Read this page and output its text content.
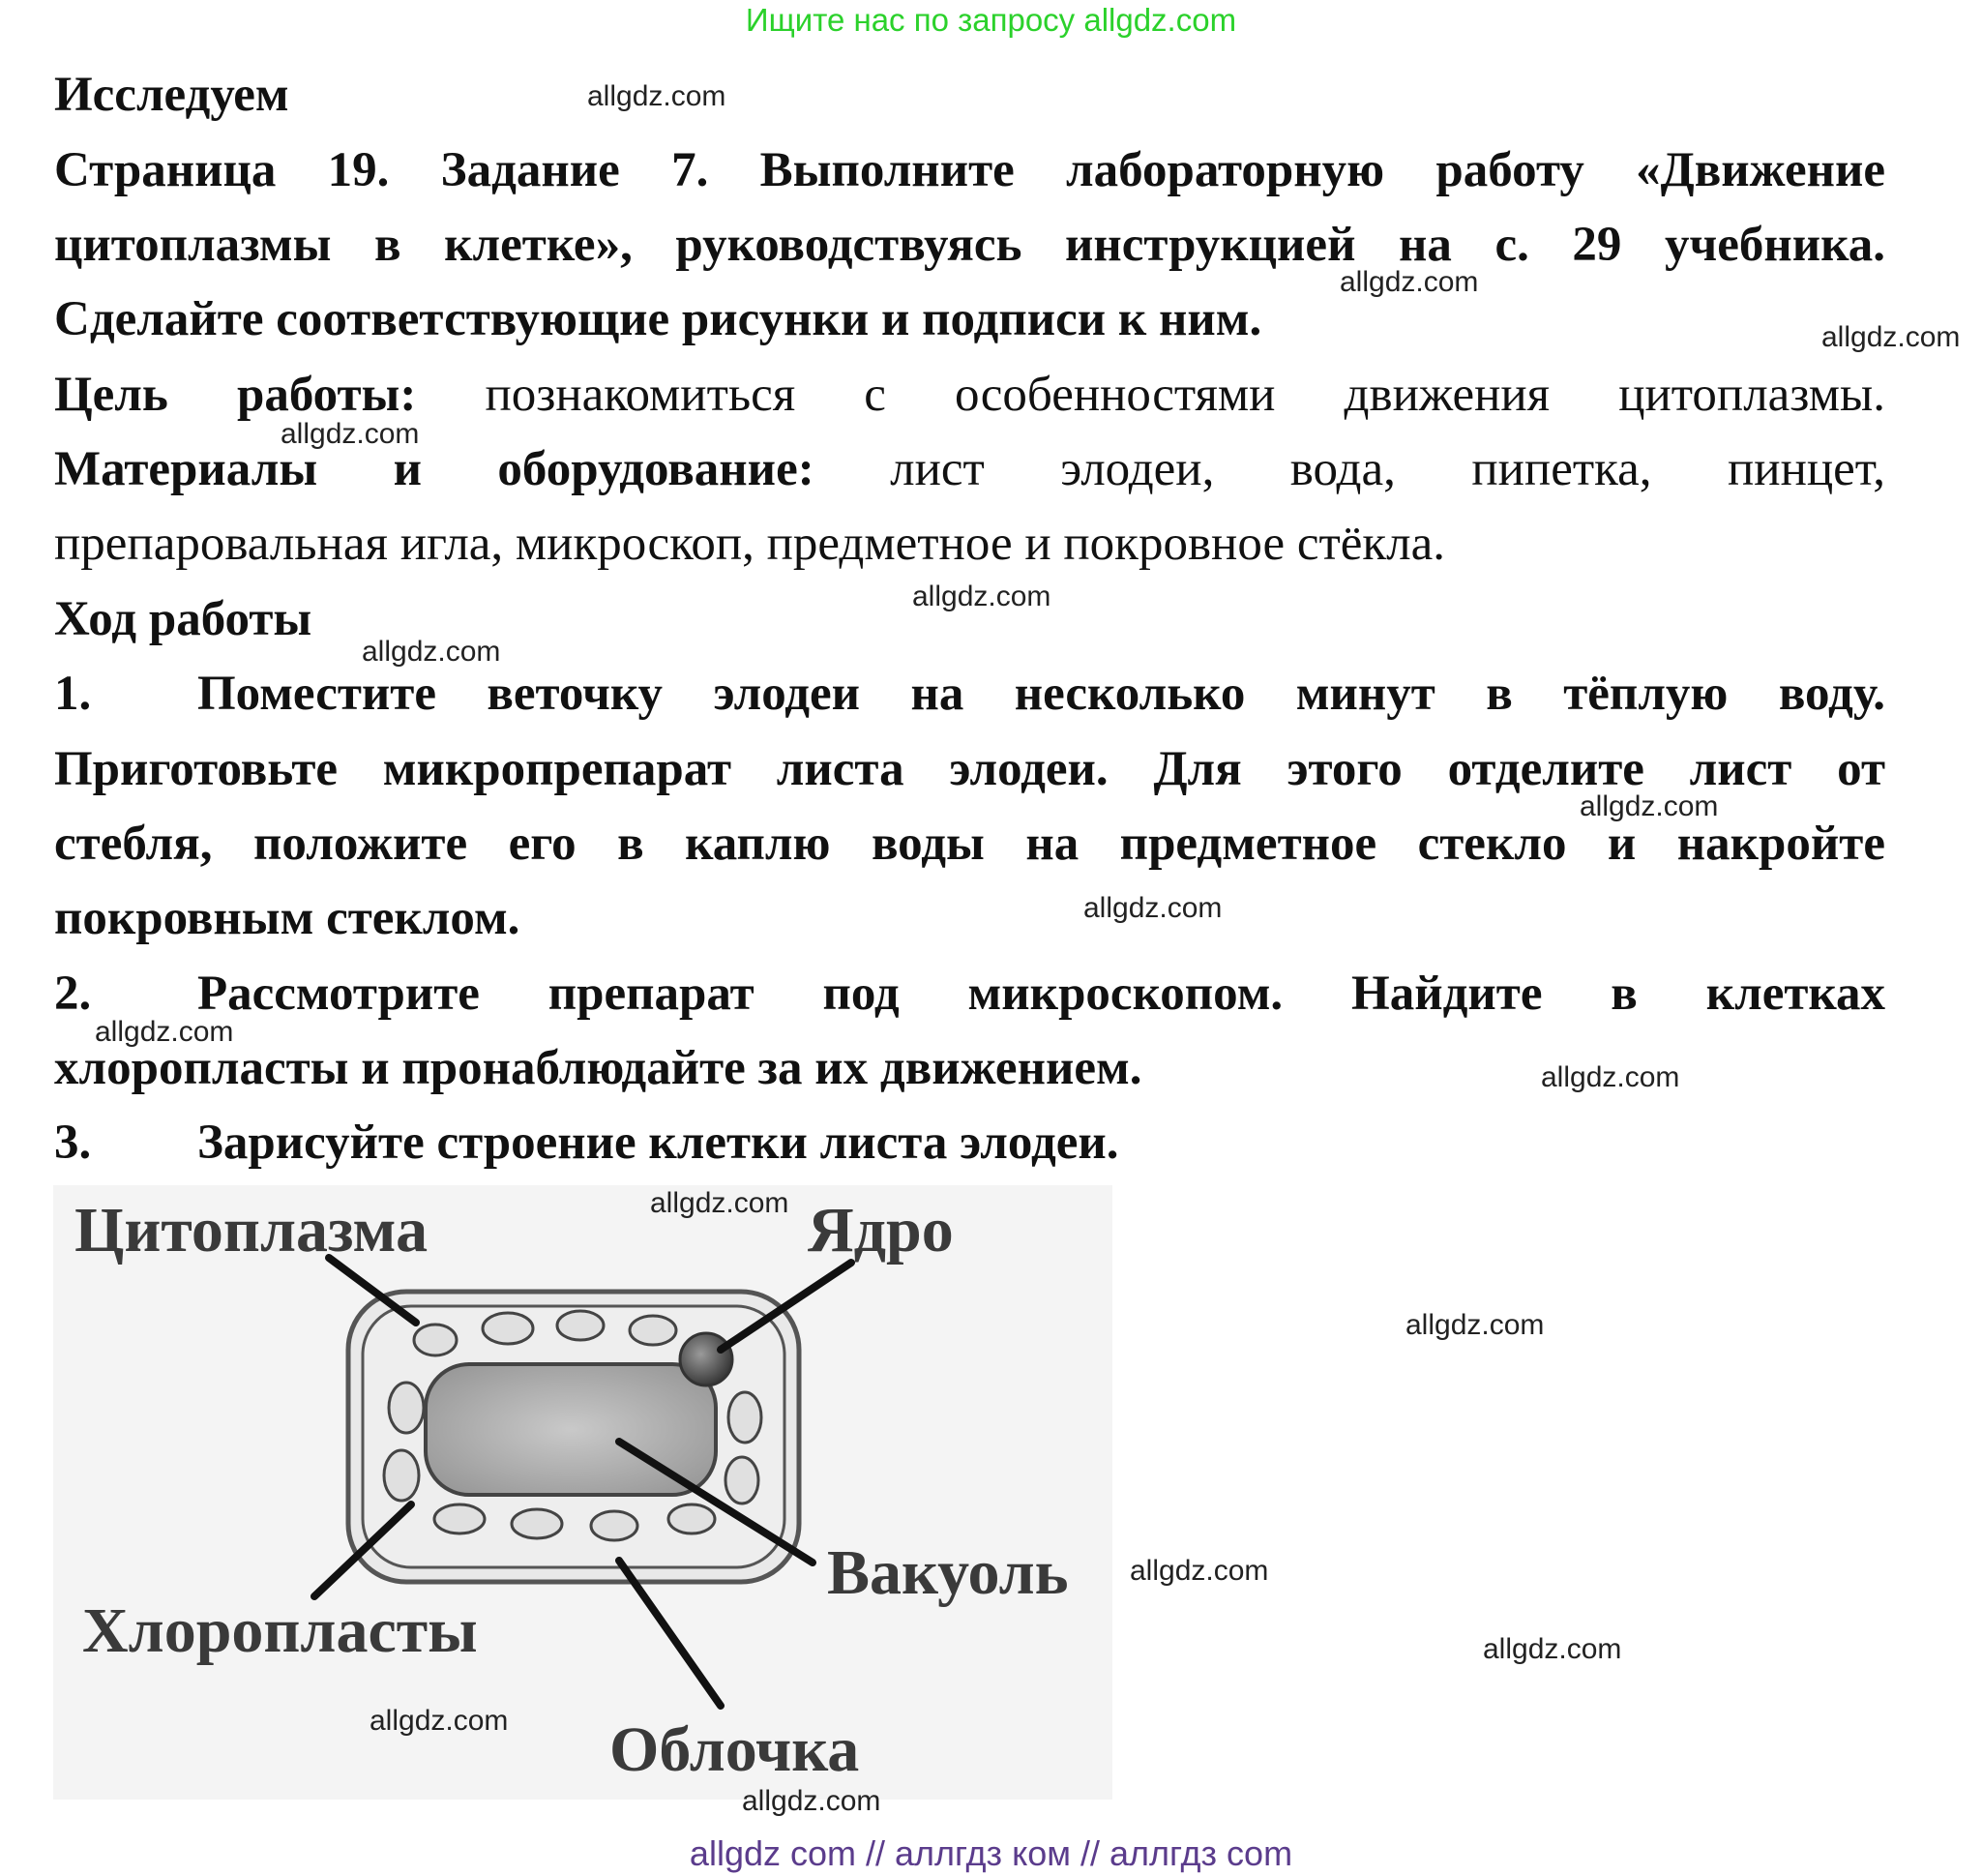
Ищите нас по запросу allgdz.com
Исследуем
Страница 19. Задание 7. Выполните лабораторную работу «Движение
цитоплазмы в клетке», руководствуясь инструкцией на с. 29 учебника.
Сделайте соответствующие рисунки и подписи к ним.
Цель работы: познакомиться с особенностями движения цитоплазмы.
Материалы и оборудование: лист элодеи, вода, пипетка, пинцет,
препаровальная игла, микроскоп, предметное и покровное стёкла.
Ход работы
1. Поместите веточку элодеи на несколько минут в тёплую воду.
Приготовьте микропрепарат листа элодеи. Для этого отделите лист от
стебля, положите его в каплю воды на предметное стекло и накройте
покровным стеклом.
2. Рассмотрите препарат под микроскопом. Найдите в клетках
хлоропласты и пронаблюдайте за их движением.
3. Зарисуйте строение клетки листа элодеи.
Цитоплазма	Ядро
Вакуоль
Хлоропласты
Облочка
allgdz.com
allgdz.com
allgdz.com
allgdz.com
allgdz.com
allgdz.com
allgdz.com
allgdz.com
allgdz.com
allgdz.com
allgdz.com
allgdz.com
allgdz.com
allgdz.com
allgdz.com
allgdz.com
allgdz com // аллгдз ком // аллгдз com
